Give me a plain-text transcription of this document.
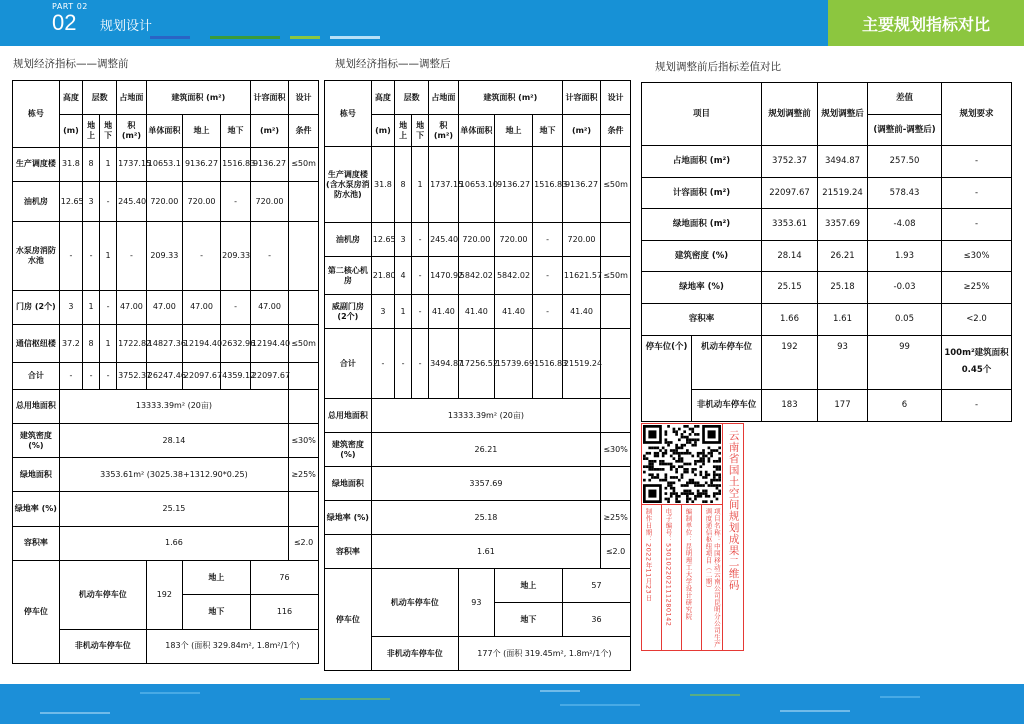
PART 02
02 规划设计	主要规划指标对比
规划经济指标——调整前	规划经济指标——调整后	规划调整前后指标差值对比
栋号	高度	层数		占地面	建筑面积 (m²)			计容面积	设计
	(m)	地上	地下	积 (m²)	单体面积	地上	地下	(m²)	条件
生产调度楼	31.8	8	1	1737.15	10653.1	9136.27	1516.83	9136.27	≤50m
油机房	12.65	3	-	245.40	720.00	720.00	-	720.00	
水泵房消防水池	-	-	1	-	209.33	-	209.33	-	
门房 (2个)	3	1	-	47.00	47.00	47.00	-	47.00	
通信枢纽楼	37.2	8	1	1722.82	14827.36	12194.40	2632.96	12194.40	≤50m
合计	-	-	-	3752.37	26247.46	22097.67	4359.12	22097.67	
总用地面积	13333.39m² (20亩)								
建筑密度 (%)	28.14								≤30%
绿地面积	3353.61m² (3025.38+1312.90*0.25)								≥25%
绿地率 (%)	25.15								
容积率	1.66								≤2.0
停车位	机动车停车位				192	地上		76	
						地下		116	
	非机动车停车位				183个 (面积 329.84m², 1.8m²/1个)				
栋号	高度	层数		占地面	建筑面积 (m²)			计容面积	设计
	(m)	地上	地下	积 (m²)	单体面积	地上	地下	(m²)	条件
生产调度楼(含水泵房消防水池)	31.8	8	1	1737.15	10653.10	9136.27	1516.83	9136.27	≤50m
油机房	12.65	3	-	245.40	720.00	720.00	-	720.00	
第二核心机房	21.80	4	-	1470.92	5842.02	5842.02	-	11621.57	≤50m
威副门房 (2个)	3	1	-	41.40	41.40	41.40	-	41.40	
合计	-	-	-	3494.87	17256.52	15739.69	1516.83	21519.24	
总用地面积	13333.39m² (20亩)								
建筑密度 (%)	26.21								≤30%
绿地面积	3357.69								
绿地率 (%)	25.18								≥25%
容积率	1.61								≤2.0
停车位	机动车停车位				93	地上		57	
						地下		36	
	非机动车停车位				177个 (面积 319.45m², 1.8m²/1个)				
项目		规划调整前	规划调整后	差值	规划要求
				(调整前-调整后)	
占地面积 (m²)		3752.37	3494.87	257.50	-
计容面积 (m²)		22097.67	21519.24	578.43	-
绿地面积 (m²)		3353.61	3357.69	-4.08	-
建筑密度 (%)		28.14	26.21	1.93	≤30%
绿地率 (%)		25.15	25.18	-0.03	≥25%
容积率		1.66	1.61	0.05	<2.0
停车位(个)	机动车停车位	192	93	99	100m²建筑面积0.45个
	非机动车停车位	183	177	6	-
云南省国土空间规划成果二维码
项目名称：中国移动云南公司昆明分公司生产调度通信枢纽项目（二期）
编制单位：昆明理工大学设计研究院
电子编号：530102202111280142
制作日期：2022年11月23日
